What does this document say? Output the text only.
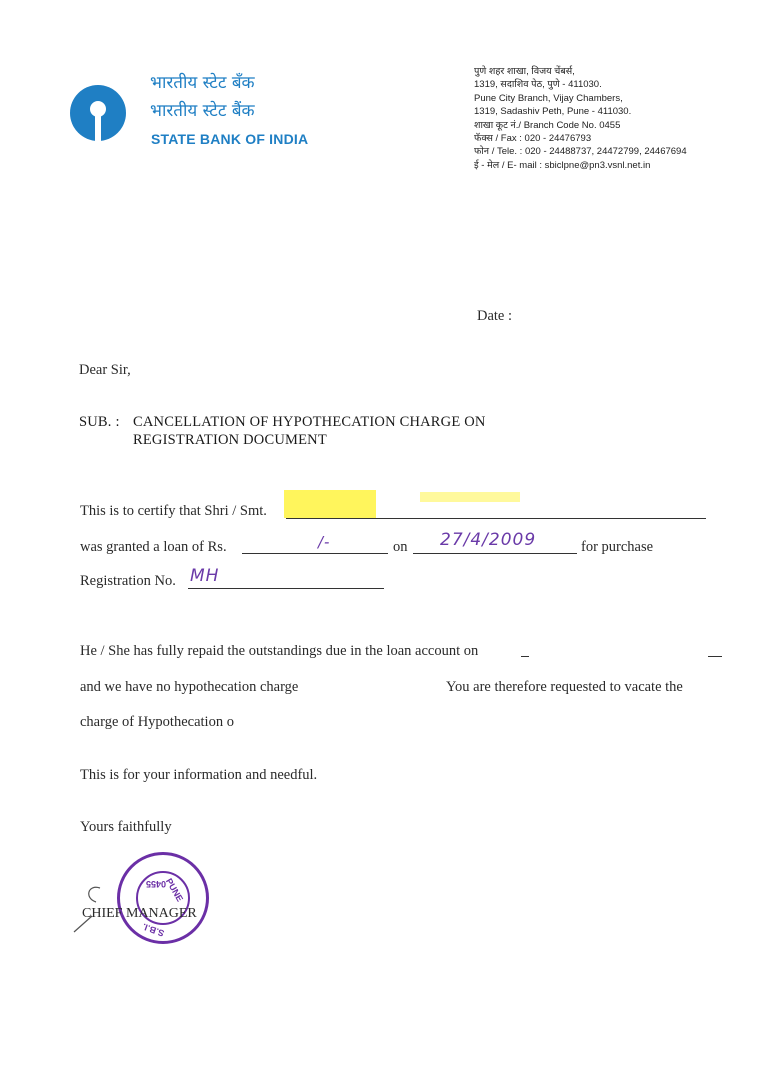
भारतीय स्टेट बँक
भारतीय स्टेट बैंक
STATE BANK OF INDIA
पुणे शहर शाखा, विजय चेंबर्स,
1319, सदाशिव पेठ, पुणे - 411030.
Pune City Branch, Vijay Chambers,
1319, Sadashiv Peth, Pune - 411030.
शाखा कूट नं./ Branch Code No. 0455
फॅक्स / Fax : 020 - 24476793
फोन / Tele. : 020 - 24488737, 24472799, 24467694
ई - मेल / E- mail : sbiclpne@pn3.vsnl.net.in
Date :
Dear Sir,
SUB. : CANCELLATION OF HYPOTHECATION CHARGE ON
REGISTRATION DOCUMENT
This is to certify that Shri / Smt.
was granted a loan of Rs.	/-	on 27/4/2009	for purchase
Registration No. MH
He / She has fully repaid the outstandings due in the loan account on
and we have no hypothecation charge	You are therefore requested to vacate the
charge of Hypothecation o
This is for your information and needful.
Yours faithfully
0455
PUNE
S.B.I.
CHIEF MANAGER
